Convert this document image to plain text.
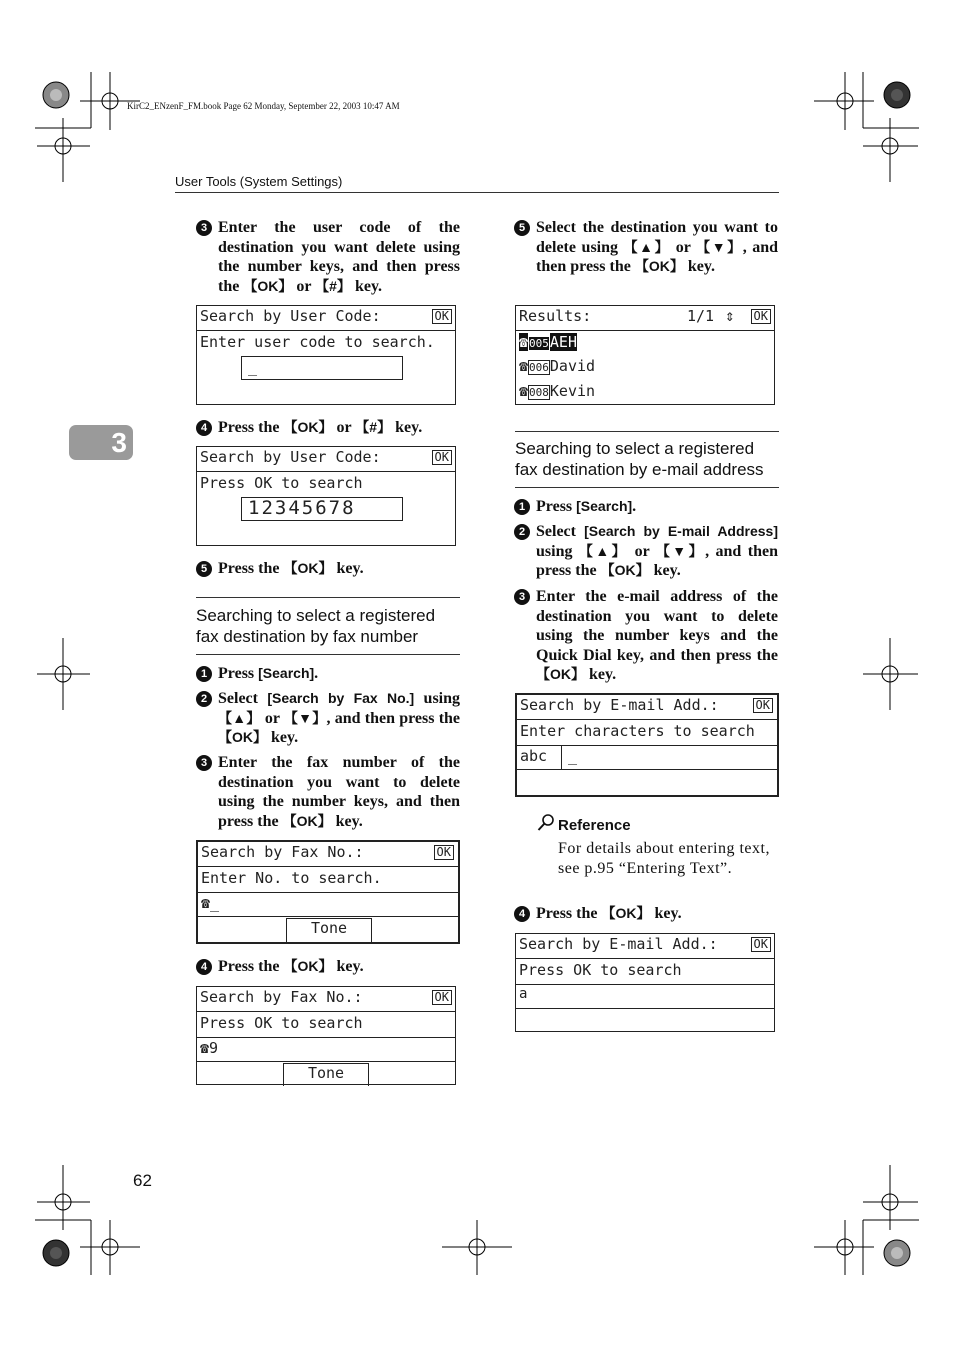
KirC2_ENzenF_FM.book Page 62 Monday, September 22, 2003 10:47 AM
User Tools (System Settings)
3
62
3 Enter the user code of the destination you want delete using the number keys, and then press the 【OK】 or 【#】 key.
Search by User Code:	OK
Enter user code to search.
_
4 Press the 【OK】 or 【#】 key.
Search by User Code:	OK
Press OK to search
12345678
5 Press the 【OK】 key.
Searching to select a registered fax destination by fax number
1 Press [Search].
2 Select [Search by Fax No.] using 【▲】 or 【▼】, and then press the 【OK】 key.
3 Enter the fax number of the destination you want to delete using the number keys, and then press the 【OK】 key.
Search by Fax No.:	OK
Enter No. to search.
☎_
Tone
4 Press the 【OK】 key.
Search by Fax No.:	OK
Press OK to search
☎9
Tone
5 Select the destination you want to delete using 【▲】 or 【▼】, and then press the 【OK】 key.
Results:	1/1 ⇕	OK
☎005AEH
☎006David
☎008Kevin
Searching to select a registered fax destination by e-mail address
1 Press [Search].
2 Select [Search by E-mail Address] using 【▲】 or 【▼】, and then press the 【OK】 key.
3 Enter the e-mail address of the destination you want to delete using the number keys and the Quick Dial key, and then press the 【OK】 key.
Search by E-mail Add.:	OK
Enter characters to search
abc	_
Reference
For details about entering text, see p.95 “Entering Text”.
4 Press the 【OK】 key.
Search by E-mail Add.:	OK
Press OK to search
a
